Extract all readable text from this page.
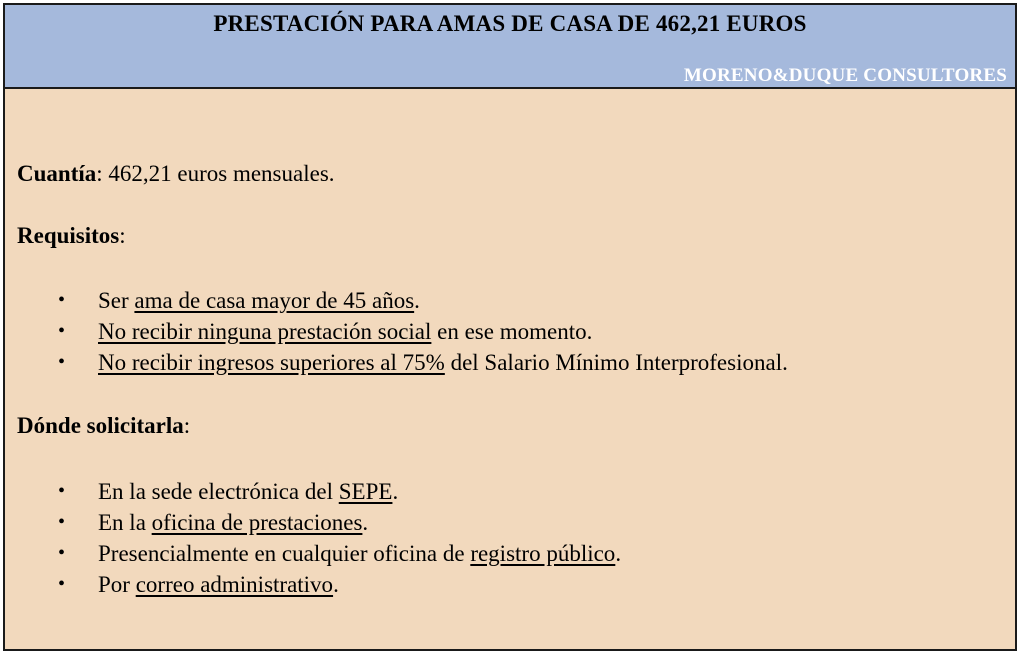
PRESTACIÓN PARA AMAS DE CASA DE 462,21 EUROS
MORENO&DUQUE CONSULTORES
Cuantía: 462,21 euros mensuales.
Requisitos:
• Ser ama de casa mayor de 45 años.
• No recibir ninguna prestación social en ese momento.
• No recibir ingresos superiores al 75% del Salario Mínimo Interprofesional.
Dónde solicitarla:
• En la sede electrónica del SEPE.
• En la oficina de prestaciones.
• Presencialmente en cualquier oficina de registro público.
• Por correo administrativo.
